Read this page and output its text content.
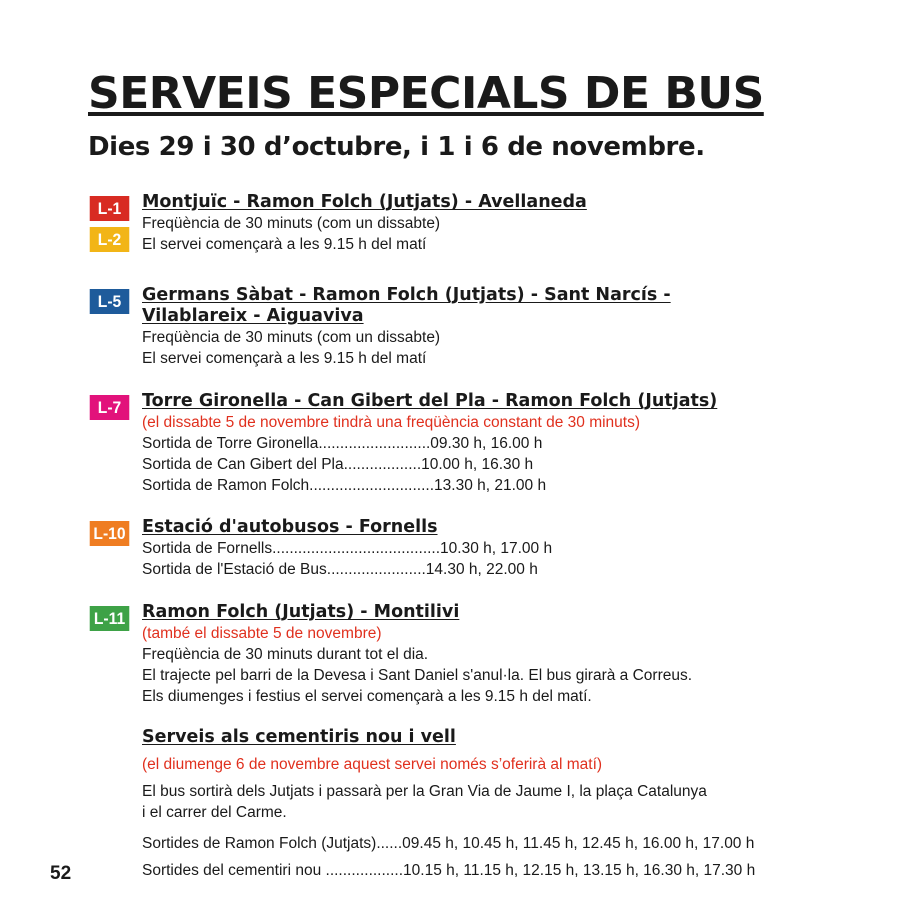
SERVEIS ESPECIALS DE BUS
Dies 29 i 30 d’octubre, i 1 i 6 de novembre.
L-1
L-2
Montjuïc - Ramon Folch (Jutjats) - Avellaneda
Freqüència de 30 minuts (com un dissabte)
El servei començarà a les 9.15 h del matí
L-5	Germans Sàbat - Ramon Folch (Jutjats) - Sant Narcís -
Vilablareix - Aiguaviva
Freqüència de 30 minuts (com un dissabte)
El servei començarà a les 9.15 h del matí
L-7	Torre Gironella - Can Gibert del Pla - Ramon Folch (Jutjats)
(el dissabte 5 de novembre tindrà una freqüència constant de 30 minuts)
Sortida de Torre Gironella..........................09.30 h, 16.00 h
Sortida de Can Gibert del Pla..................10.00 h, 16.30 h
Sortida de Ramon Folch.............................13.30 h, 21.00 h
L-10 Estació d'autobusos - Fornells
Sortida de Fornells.......................................10.30 h, 17.00 h
Sortida de l'Estació de Bus.......................14.30 h, 22.00 h
L-11 Ramon Folch (Jutjats) - Montilivi
(també el dissabte 5 de novembre)
Freqüència de 30 minuts durant tot el dia.
El trajecte pel barri de la Devesa i Sant Daniel s'anul·la. El bus girarà a Correus.
Els diumenges i festius el servei començarà a les 9.15 h del matí.
Serveis als cementiris nou i vell
(el diumenge 6 de novembre aquest servei només s’oferirà al matí)
El bus sortirà dels Jutjats i passarà per la Gran Via de Jaume I, la plaça Catalunya
i el carrer del Carme.
Sortides de Ramon Folch (Jutjats)......09.45 h, 10.45 h, 11.45 h, 12.45 h, 16.00 h, 17.00 h
Sortides del cementiri nou ..................10.15 h, 11.15 h, 12.15 h, 13.15 h, 16.30 h, 17.30 h
52
